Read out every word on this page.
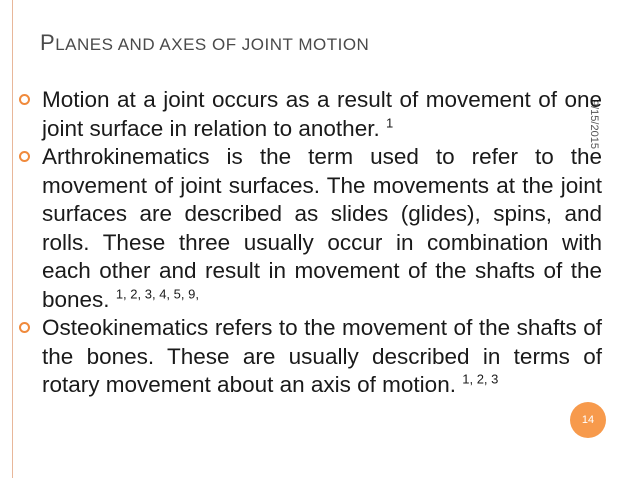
PLANES AND AXES OF JOINT MOTION
9/15/2015
Motion at a joint occurs as a result of movement of one joint surface in relation to another. $^1$
Arthrokinematics is the term used to refer to the movement of joint surfaces. The movements at the joint surfaces are described as slides (glides), spins, and rolls. These three usually occur in combination with each other and result in movement of the shafts of the bones. $^{1, 2, 3, 4, 5, 9,}$
Osteokinematics refers to the movement of the shafts of the bones. These are usually described in terms of rotary movement about an axis of motion. $^{1, 2, 3}$
14
